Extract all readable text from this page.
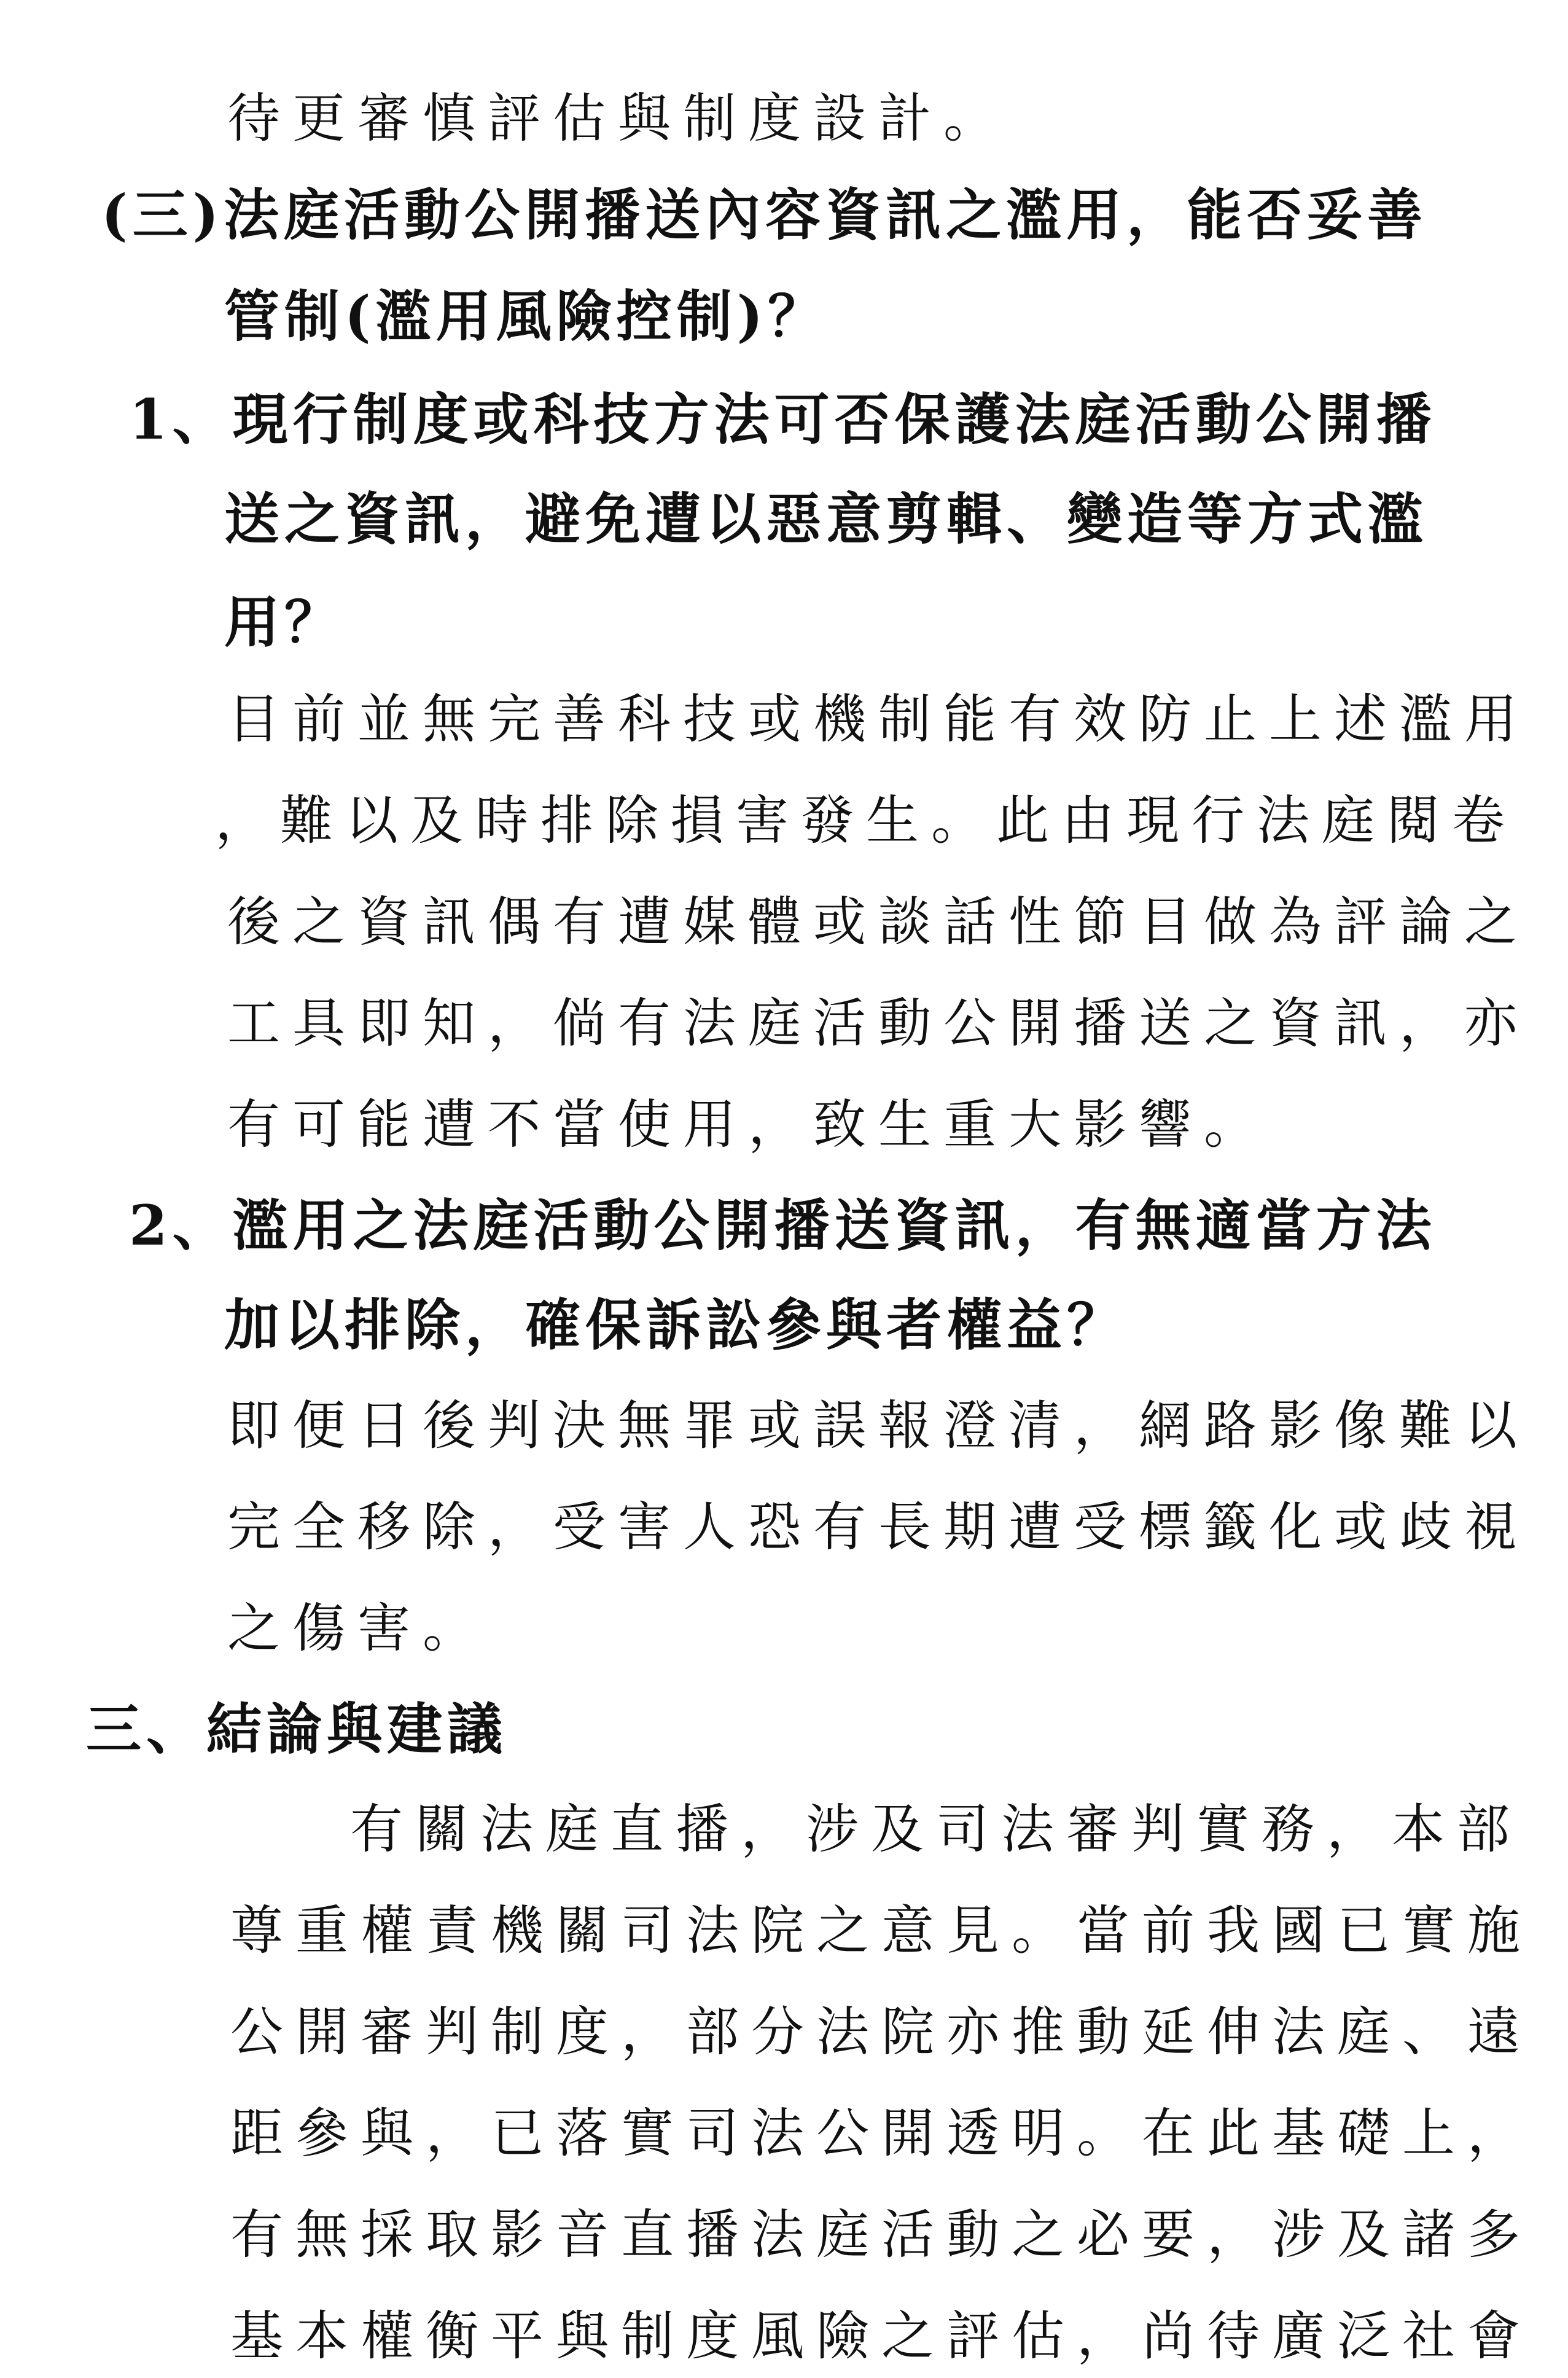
待更審慎評估與制度設計。
(三)法庭活動公開播送內容資訊之濫用，能否妥善
管制(濫用風險控制)？
1、現行制度或科技方法可否保護法庭活動公開播
送之資訊，避免遭以惡意剪輯、變造等方式濫
用？
目前並無完善科技或機制能有效防止上述濫用
，難以及時排除損害發生。此由現行法庭閱卷
後之資訊偶有遭媒體或談話性節目做為評論之
工具即知，倘有法庭活動公開播送之資訊，亦
有可能遭不當使用，致生重大影響。
2、濫用之法庭活動公開播送資訊，有無適當方法
加以排除，確保訴訟參與者權益？
即便日後判決無罪或誤報澄清，網路影像難以
完全移除，受害人恐有長期遭受標籤化或歧視
之傷害。
三、結論與建議
有關法庭直播，涉及司法審判實務，本部
尊重權責機關司法院之意見。當前我國已實施
公開審判制度，部分法院亦推動延伸法庭、遠
距參與，已落實司法公開透明。在此基礎上，
有無採取影音直播法庭活動之必要，涉及諸多
基本權衡平與制度風險之評估，尚待廣泛社會
